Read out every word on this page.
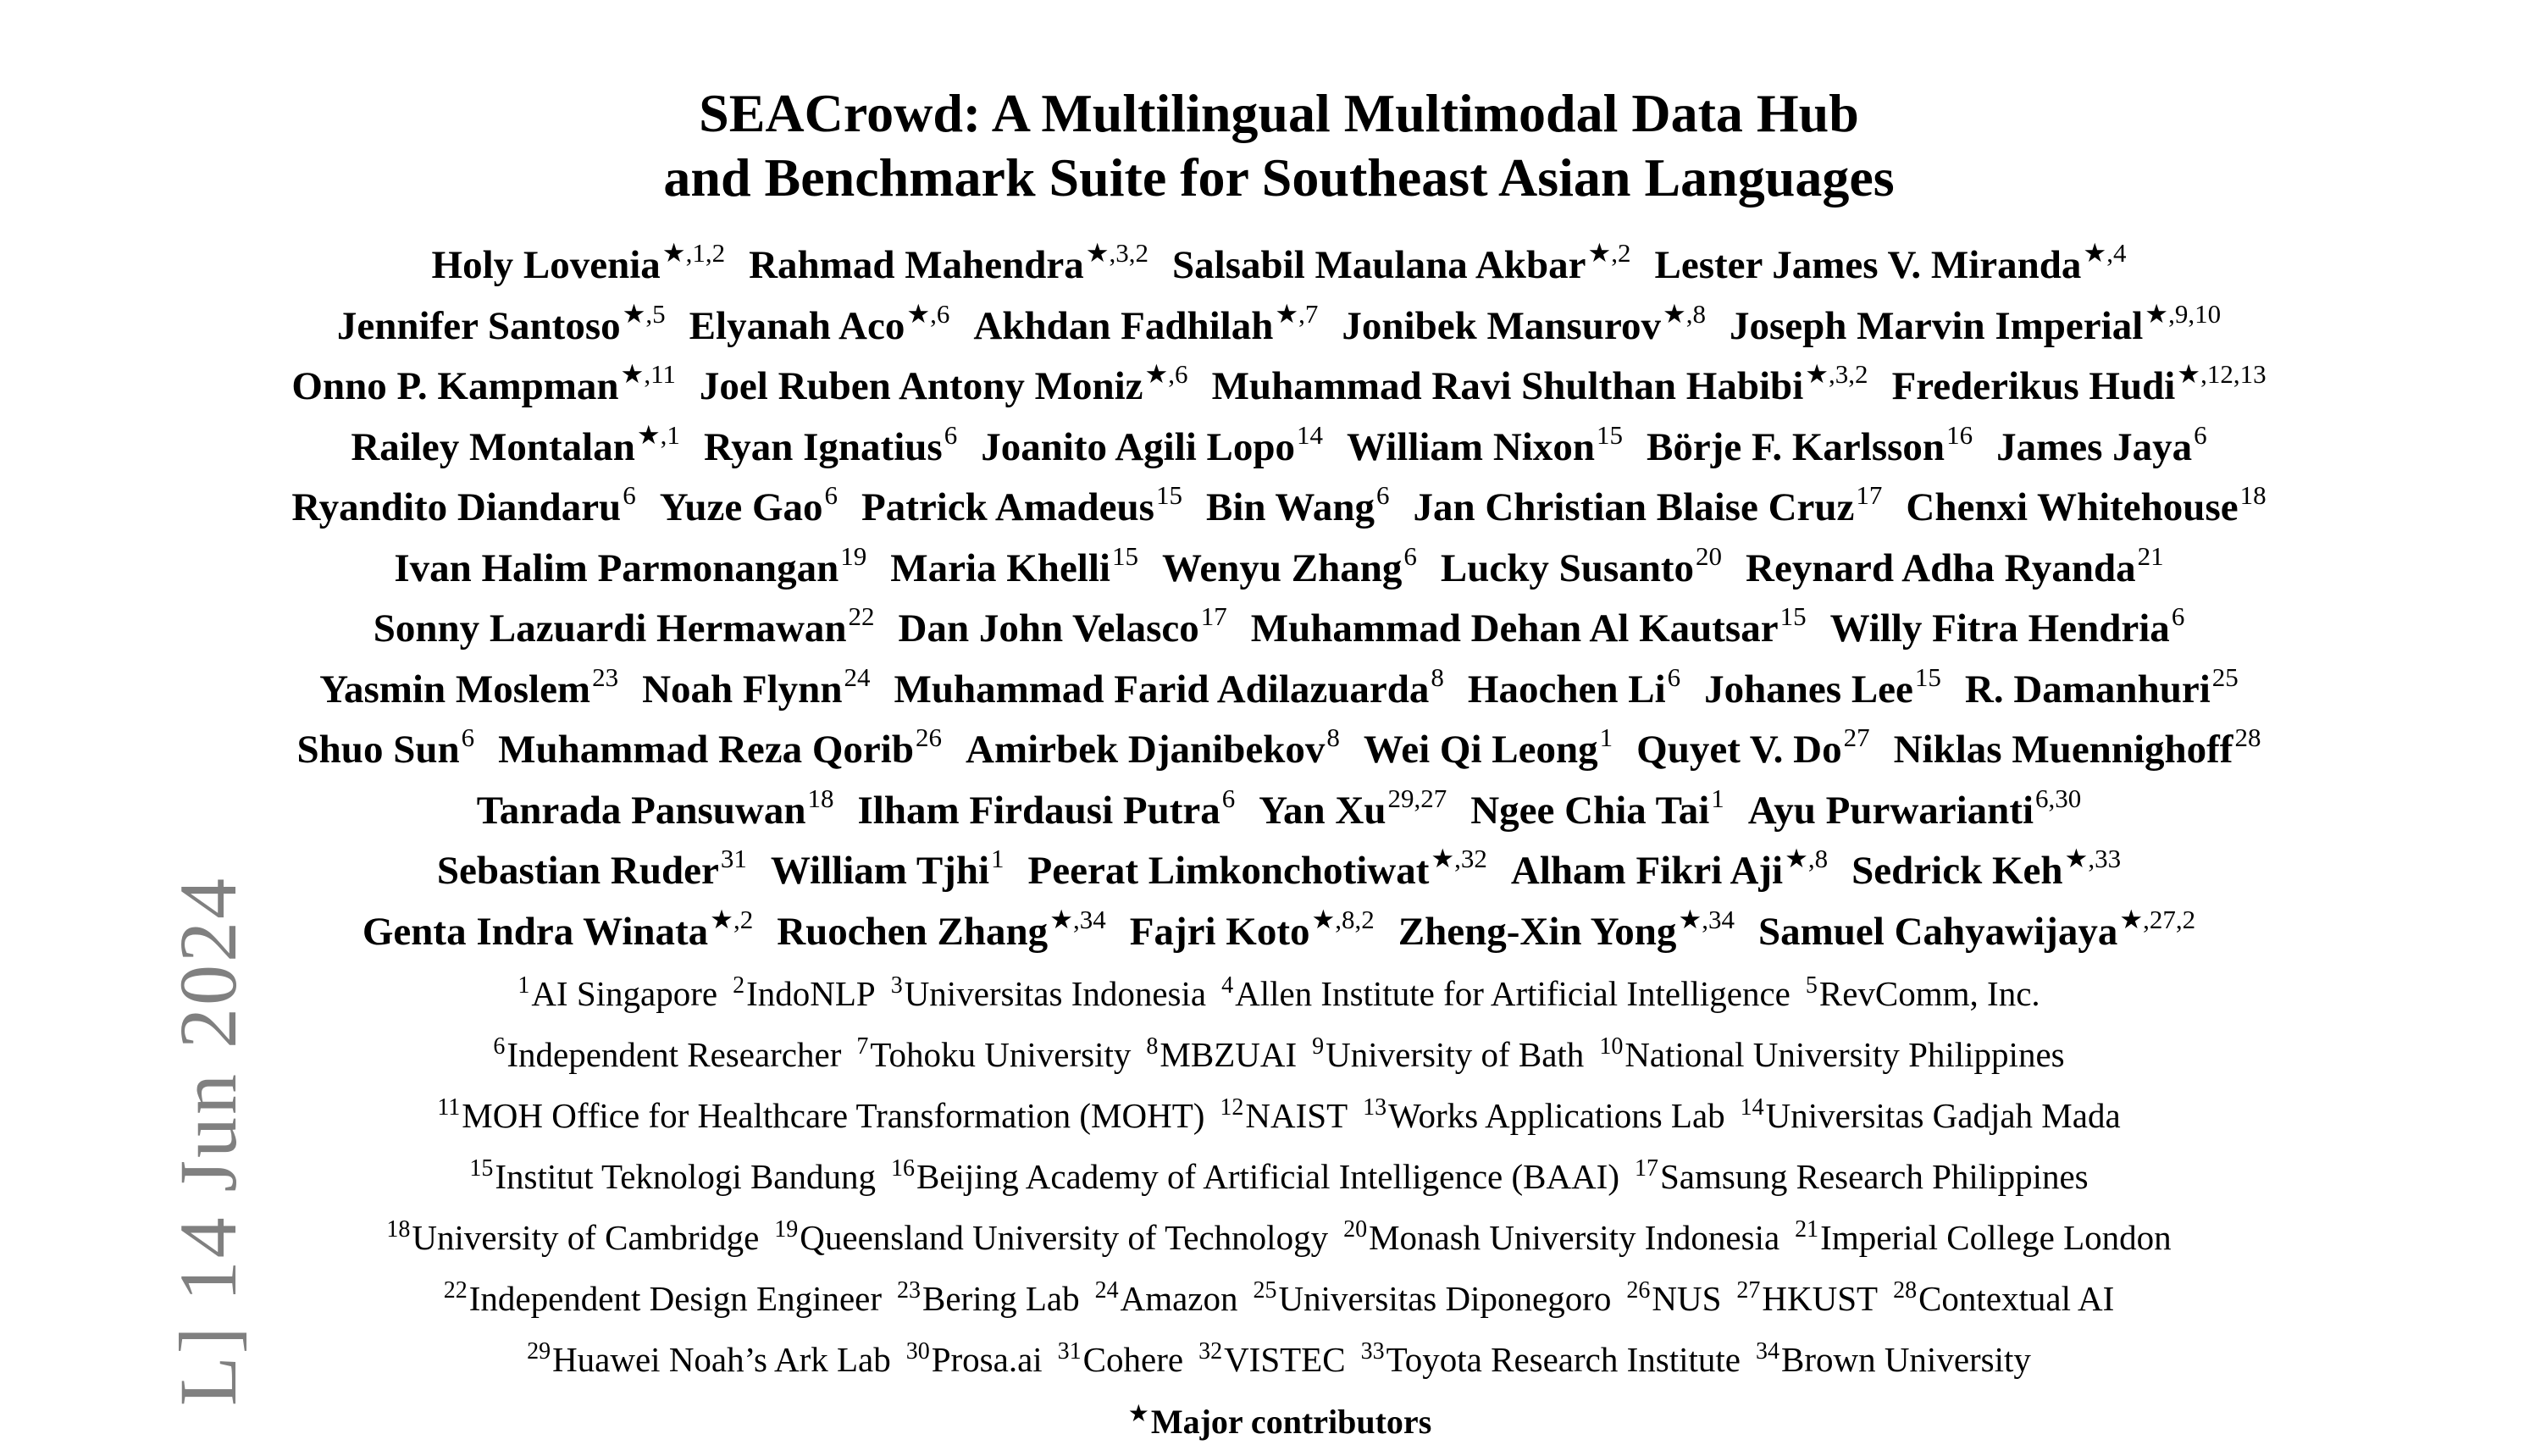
L] 14 Jun 2024
SEACrowd: A Multilingual Multimodal Data Hub
and Benchmark Suite for Southeast Asian Languages
Holy Lovenia$^{★,1,2}$ Rahmad Mahendra$^{★,3,2}$ Salsabil Maulana Akbar$^{★,2}$ Lester James V. Miranda$^{★,4}$
Jennifer Santoso$^{★,5}$ Elyanah Aco$^{★,6}$ Akhdan Fadhilah$^{★,7}$ Jonibek Mansurov$^{★,8}$ Joseph Marvin Imperial$^{★,9,10}$
Onno P. Kampman$^{★,11}$ Joel Ruben Antony Moniz$^{★,6}$ Muhammad Ravi Shulthan Habibi$^{★,3,2}$ Frederikus Hudi$^{★,12,13}$
Railey Montalan$^{★,1}$ Ryan Ignatius$^6$ Joanito Agili Lopo$^{14}$ William Nixon$^{15}$ Börje F. Karlsson$^{16}$ James Jaya$^6$
Ryandito Diandaru$^6$ Yuze Gao$^6$ Patrick Amadeus$^{15}$ Bin Wang$^6$ Jan Christian Blaise Cruz$^{17}$ Chenxi Whitehouse$^{18}$
Ivan Halim Parmonangan$^{19}$ Maria Khelli$^{15}$ Wenyu Zhang$^6$ Lucky Susanto$^{20}$ Reynard Adha Ryanda$^{21}$
Sonny Lazuardi Hermawan$^{22}$ Dan John Velasco$^{17}$ Muhammad Dehan Al Kautsar$^{15}$ Willy Fitra Hendria$^6$
Yasmin Moslem$^{23}$ Noah Flynn$^{24}$ Muhammad Farid Adilazuarda$^8$ Haochen Li$^6$ Johanes Lee$^{15}$ R. Damanhuri$^{25}$
Shuo Sun$^6$ Muhammad Reza Qorib$^{26}$ Amirbek Djanibekov$^8$ Wei Qi Leong$^1$ Quyet V. Do$^{27}$ Niklas Muennighoff$^{28}$
Tanrada Pansuwan$^{18}$ Ilham Firdausi Putra$^6$ Yan Xu$^{29,27}$ Ngee Chia Tai$^1$ Ayu Purwarianti$^{6,30}$
Sebastian Ruder$^{31}$ William Tjhi$^1$ Peerat Limkonchotiwat$^{★,32}$ Alham Fikri Aji$^{★,8}$ Sedrick Keh$^{★,33}$
Genta Indra Winata$^{★,2}$ Ruochen Zhang$^{★,34}$ Fajri Koto$^{★,8,2}$ Zheng-Xin Yong$^{★,34}$ Samuel Cahyawijaya$^{★,27,2}$
$^1$AI Singapore $^2$IndoNLP $^3$Universitas Indonesia $^4$Allen Institute for Artificial Intelligence $^5$RevComm, Inc.
$^6$Independent Researcher $^7$Tohoku University $^8$MBZUAI $^9$University of Bath $^{10}$National University Philippines
$^{11}$MOH Office for Healthcare Transformation (MOHT) $^{12}$NAIST $^{13}$Works Applications Lab $^{14}$Universitas Gadjah Mada
$^{15}$Institut Teknologi Bandung $^{16}$Beijing Academy of Artificial Intelligence (BAAI) $^{17}$Samsung Research Philippines
$^{18}$University of Cambridge $^{19}$Queensland University of Technology $^{20}$Monash University Indonesia $^{21}$Imperial College London
$^{22}$Independent Design Engineer $^{23}$Bering Lab $^{24}$Amazon $^{25}$Universitas Diponegoro $^{26}$NUS $^{27}$HKUST $^{28}$Contextual AI
$^{29}$Huawei Noah’s Ark Lab $^{30}$Prosa.ai $^{31}$Cohere $^{32}$VISTEC $^{33}$Toyota Research Institute $^{34}$Brown University
★Major contributors
